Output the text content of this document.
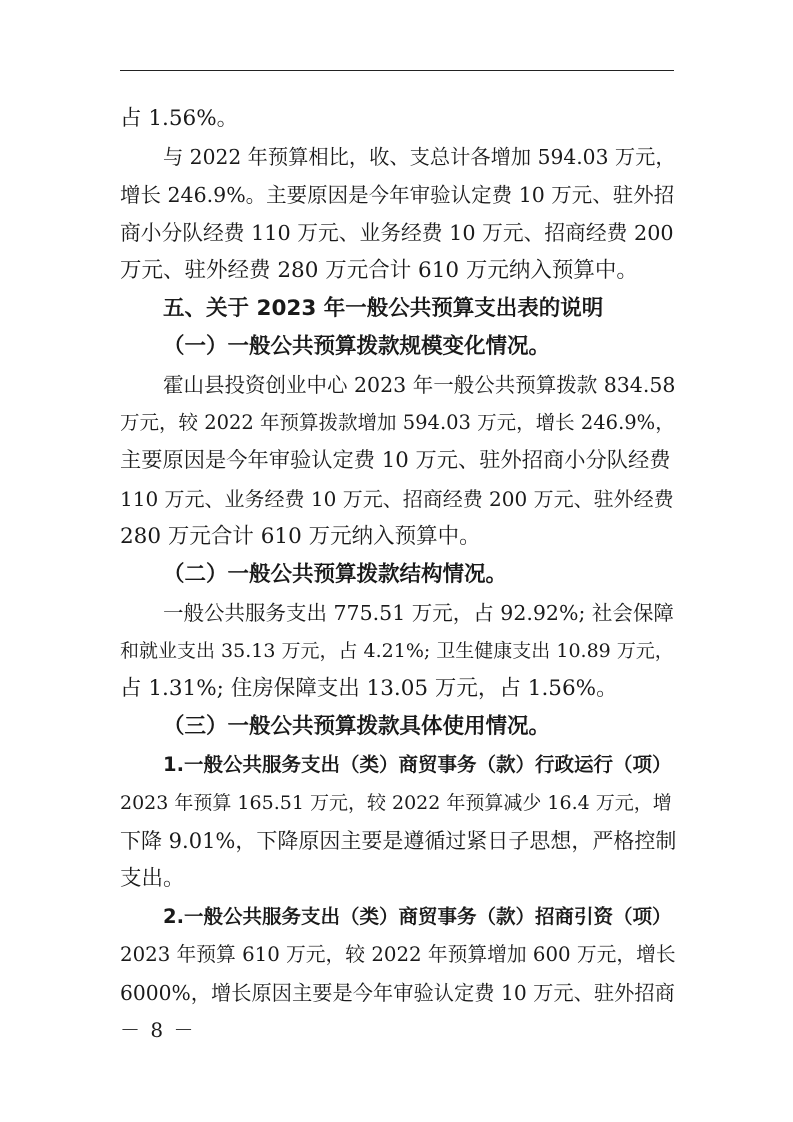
占 1.56%。
与 2022 年预算相比，收、支总计各增加 594.03 万元，
增长 246.9%。主要原因是今年审验认定费 10 万元、驻外招
商小分队经费 110 万元、业务经费 10 万元、招商经费 200
万元、驻外经费 280 万元合计 610 万元纳入预算中。
五、关于 2023 年一般公共预算支出表的说明
（一）一般公共预算拨款规模变化情况。
霍山县投资创业中心 2023 年一般公共预算拨款 834.58
万元，较 2022 年预算拨款增加 594.03 万元，增长 246.9%，
主要原因是今年审验认定费 10 万元、驻外招商小分队经费
110 万元、业务经费 10 万元、招商经费 200 万元、驻外经费
280 万元合计 610 万元纳入预算中。
（二）一般公共预算拨款结构情况。
一般公共服务支出 775.51 万元，占 92.92%; 社会保障
和就业支出 35.13 万元，占 4.21%; 卫生健康支出 10.89 万元，
占 1.31%; 住房保障支出 13.05 万元，占 1.56%。
（三）一般公共预算拨款具体使用情况。
1.一般公共服务支出（类）商贸事务（款）行政运行（项）
2023 年预算 165.51 万元，较 2022 年预算减少 16.4 万元，增
下降 9.01%，下降原因主要是遵循过紧日子思想，严格控制
支出。
2.一般公共服务支出（类）商贸事务（款）招商引资（项）
2023 年预算 610 万元，较 2022 年预算增加 600 万元，增长
6000%，增长原因主要是今年审验认定费 10 万元、驻外招商
－ 8 －
